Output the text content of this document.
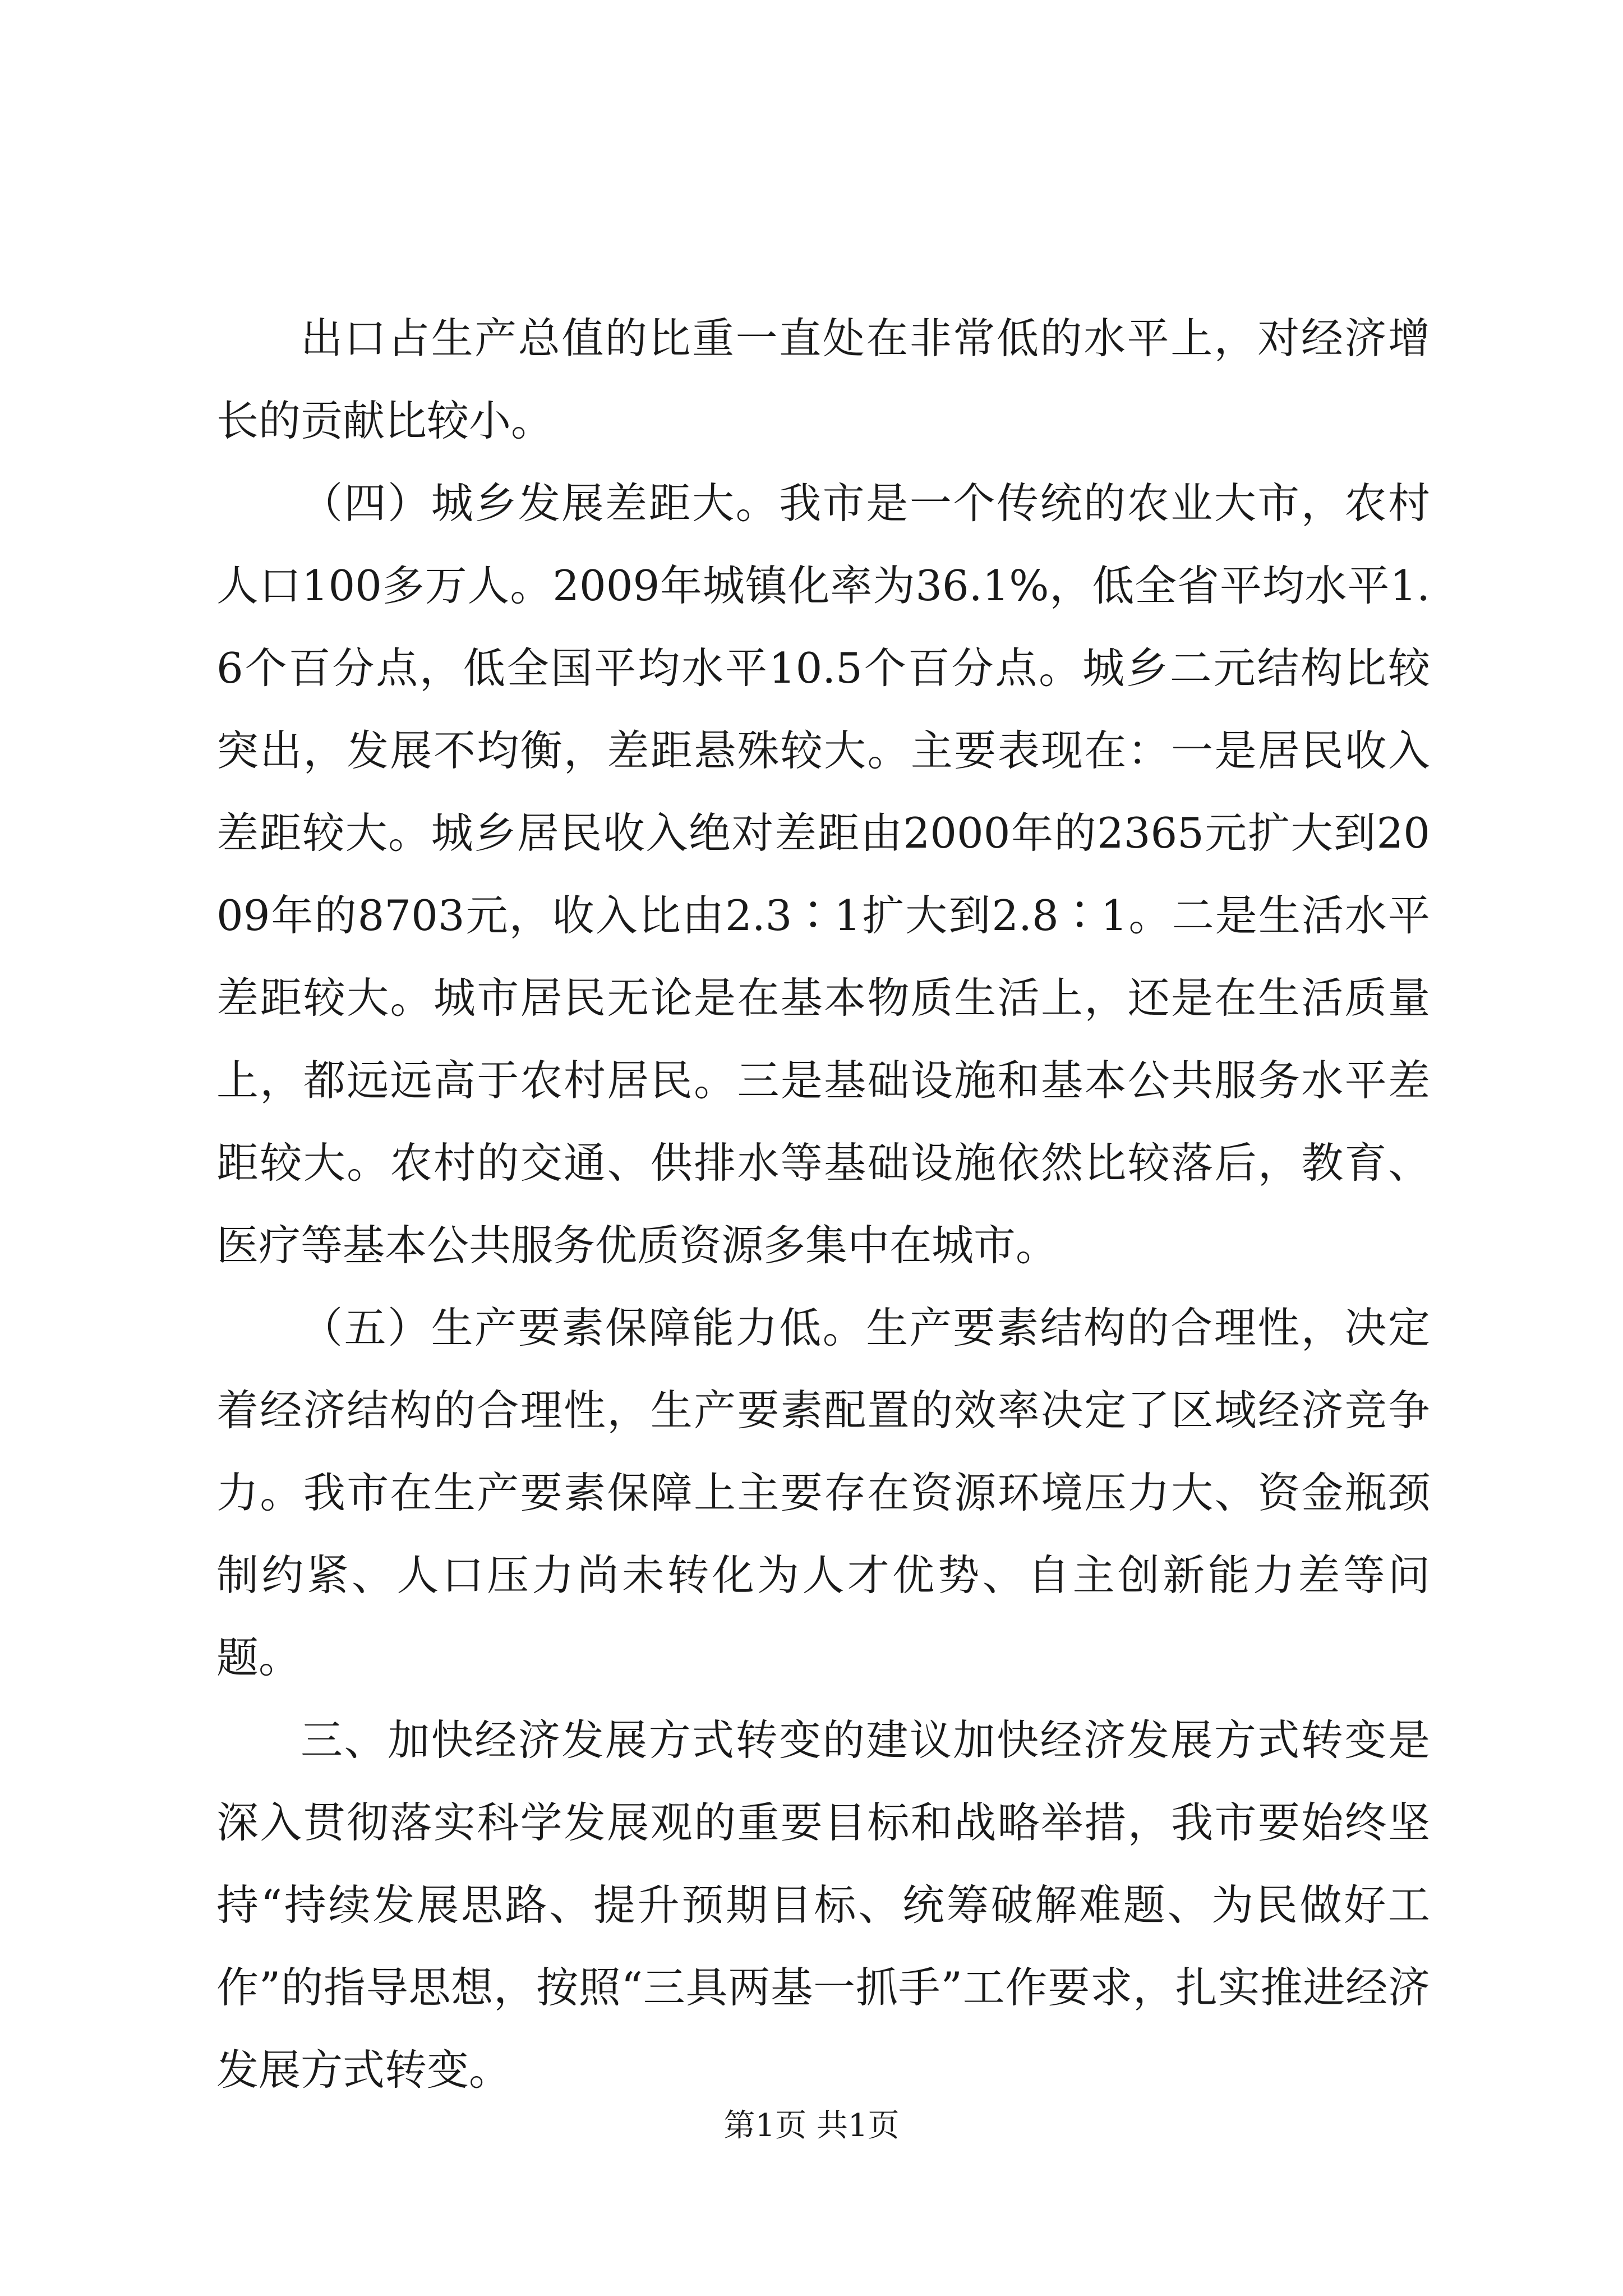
出口占生产总值的比重一直处在非常低的水平上，对经济增长的贡献比较小。

（四）城乡发展差距大。我市是一个传统的农业大市，农村人口100多万人。2009年城镇化率为36.1%，低全省平均水平1.6个百分点，低全国平均水平10.5个百分点。城乡二元结构比较突出，发展不均衡，差距悬殊较大。主要表现在：一是居民收入差距较大。城乡居民收入绝对差距由2000年的2365元扩大到2009年的8703元，收入比由2.3∶1扩大到2.8∶1。二是生活水平差距较大。城市居民无论是在基本物质生活上，还是在生活质量上，都远远高于农村居民。三是基础设施和基本公共服务水平差距较大。农村的交通、供排水等基础设施依然比较落后，教育、医疗等基本公共服务优质资源多集中在城市。

（五）生产要素保障能力低。生产要素结构的合理性，决定着经济结构的合理性，生产要素配置的效率决定了区域经济竞争力。我市在生产要素保障上主要存在资源环境压力大、资金瓶颈制约紧、人口压力尚未转化为人才优势、自主创新能力差等问题。

三、加快经济发展方式转变的建议加快经济发展方式转变是深入贯彻落实科学发展观的重要目标和战略举措，我市要始终坚持“持续发展思路、提升预期目标、统筹破解难题、为民做好工作”的指导思想，按照“三具两基一抓手”工作要求，扎实推进经济发展方式转变。

第1页 共1页
